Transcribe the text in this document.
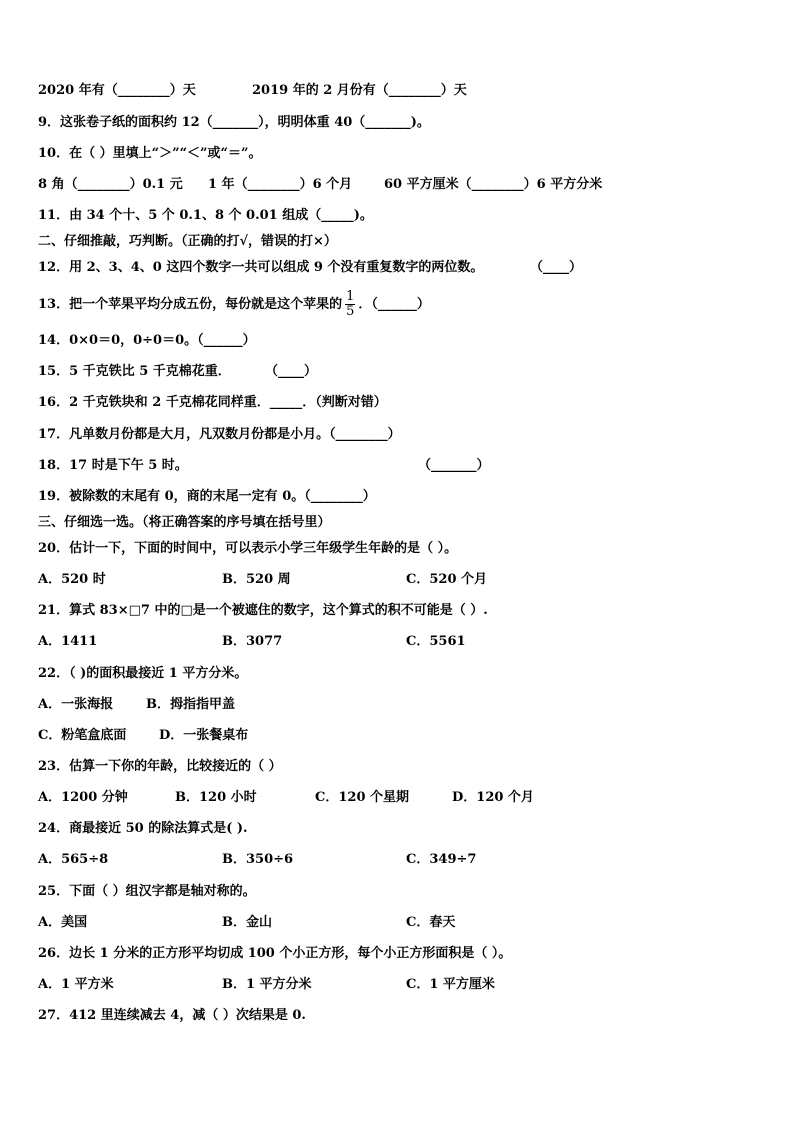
2020 年有（________）天	2019 年的 2 月份有（________）天
9．这张卷子纸的面积约 12（_______），明明体重 40（_______)。
10．在（ ）里填上“＞”“＜”或“＝”。
8 角（________）0.1 元 1 年（________）6 个月 60 平方厘米（________）6 平方分米
11．由 34 个十、5 个 0.1、8 个 0.01 组成（_____)。
二、仔细推敲，巧判断。（正确的打√，错误的打×）
12．用 2、3、4、0 这四个数字一共可以组成 9 个没有重复数字的两位数。	（____）
13．把一个苹果平均分成五份，每份就是这个苹果的 $\frac{1}{5}$ ．（______）
14．0×0＝0，0÷0＝0。（______）
15．5 千克铁比 5 千克棉花重．	（____）
16．2 千克铁块和 2 千克棉花同样重．_____．（判断对错）
17．凡单数月份都是大月，凡双数月份都是小月。（________）
18．17 时是下午 5 时。	（_______）
19．被除数的末尾有 0，商的末尾一定有 0。（________）
三、仔细选一选。（将正确答案的序号填在括号里）
20．估计一下，下面的时间中，可以表示小学三年级学生年龄的是（ ）。
A．520 时	B．520 周	C．520 个月
21．算式 83×□7 中的□是一个被遮住的数字，这个算式的积不可能是（ ）.
A．1411	B．3077	C．5561
22．（ )的面积最接近 1 平方分米。
A．一张海报	B．拇指指甲盖
C．粉笔盒底面	D．一张餐桌布
23．估算一下你的年龄，比较接近的（ ）
A．1200 分钟	B．120 小时	C．120 个星期	D．120 个月
24．商最接近 50 的除法算式是( ).
A．565÷8	B．350÷6	C．349÷7
25．下面（ ）组汉字都是轴对称的。
A．美国	B．金山	C．春天
26．边长 1 分米的正方形平均切成 100 个小正方形，每个小正方形面积是（ ）。
A．1 平方米	B．1 平方分米	C．1 平方厘米
27．412 里连续减去 4，减（ ）次结果是 0.
